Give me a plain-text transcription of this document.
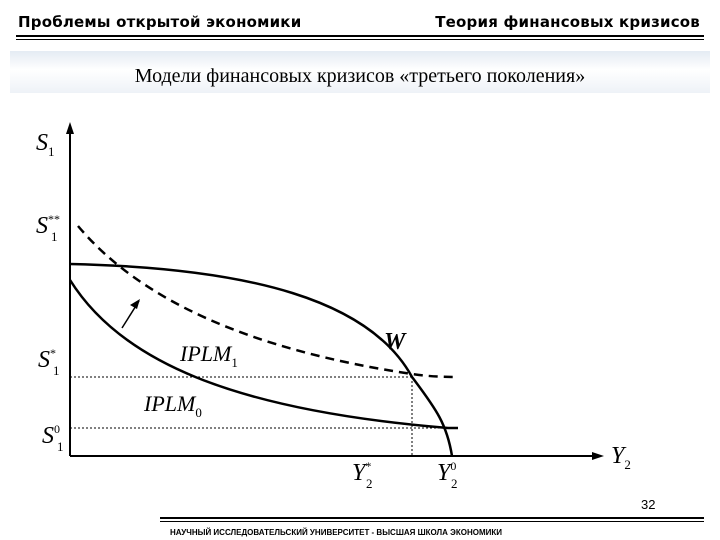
Проблемы открытой экономики	Теория финансовых кризисов
Модели финансовых кризисов «третьего поколения»
$S_1$
$Y_2$
S** 1
S* 1
$S^0$ 1
Y* 2	$Y^0$ 2
W
$IPLM_1$
$IPLM_0$
32
НАУЧНЫЙ ИССЛЕДОВАТЕЛЬСКИЙ УНИВЕРСИТЕТ - ВЫСШАЯ ШКОЛА ЭКОНОМИКИ
